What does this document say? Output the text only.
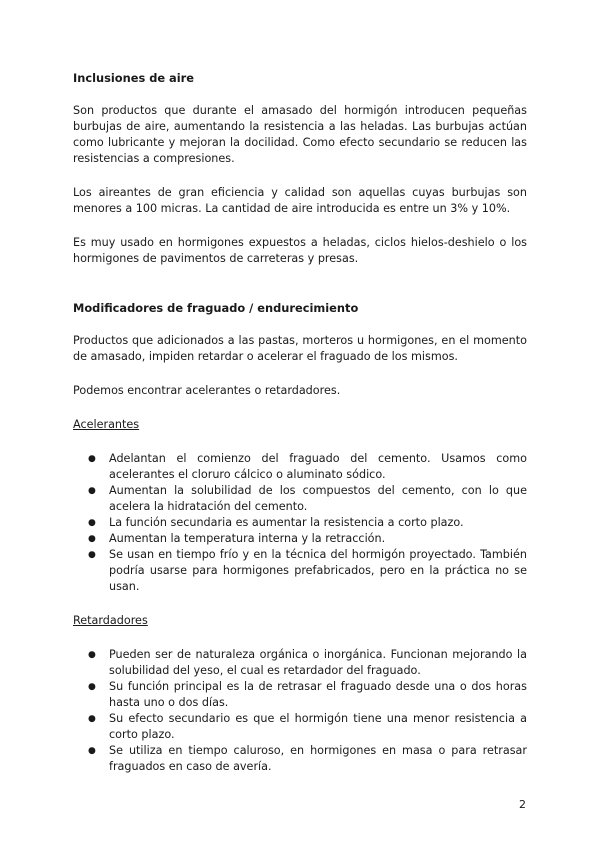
Inclusiones de aire

Son productos que durante el amasado del hormigón introducen pequeñas burbujas de aire, aumentando la resistencia a las heladas. Las burbujas actúan como lubricante y mejoran la docilidad. Como efecto secundario se reducen las resistencias a compresiones.

Los aireantes de gran eficiencia y calidad son aquellas cuyas burbujas son menores a 100 micras. La cantidad de aire introducida es entre un 3% y 10%.

Es muy usado en hormigones expuestos a heladas, ciclos hielos-deshielo o los hormigones de pavimentos de carreteras y presas.

Modificadores de fraguado / endurecimiento

Productos que adicionados a las pastas, morteros u hormigones, en el momento de amasado, impiden retardar o acelerar el fraguado de los mismos.

Podemos encontrar acelerantes o retardadores.

Acelerantes

● Adelantan el comienzo del fraguado del cemento. Usamos como acelerantes el cloruro cálcico o aluminato sódico.
● Aumentan la solubilidad de los compuestos del cemento, con lo que acelera la hidratación del cemento.
● La función secundaria es aumentar la resistencia a corto plazo.
● Aumentan la temperatura interna y la retracción.
● Se usan en tiempo frío y en la técnica del hormigón proyectado. También podría usarse para hormigones prefabricados, pero en la práctica no se usan.

Retardadores

● Pueden ser de naturaleza orgánica o inorgánica. Funcionan mejorando la solubilidad del yeso, el cual es retardador del fraguado.
● Su función principal es la de retrasar el fraguado desde una o dos horas hasta uno o dos días.
● Su efecto secundario es que el hormigón tiene una menor resistencia a corto plazo.
● Se utiliza en tiempo caluroso, en hormigones en masa o para retrasar fraguados en caso de avería.
2
